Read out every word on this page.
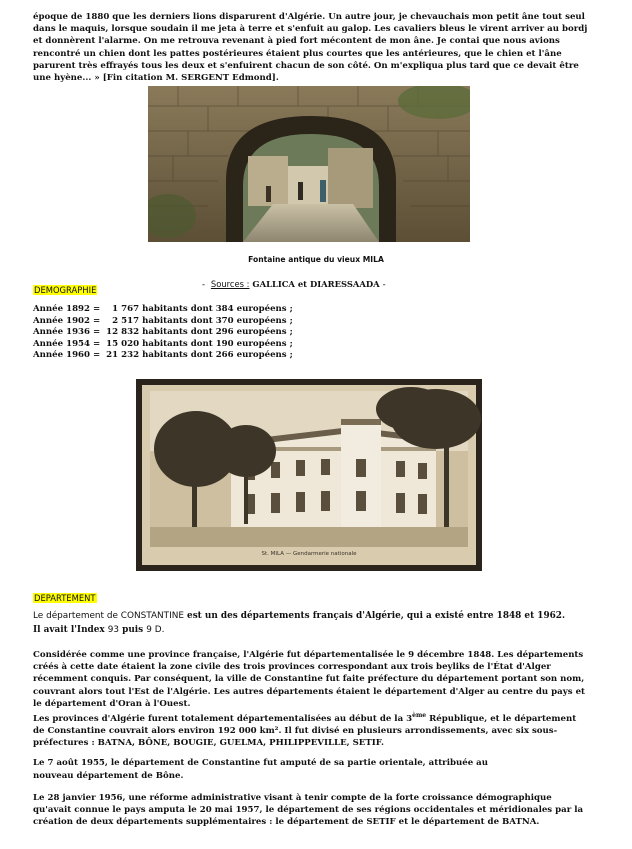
époque de 1880 que les derniers lions disparurent d'Algérie. Un autre jour, je chevauchais mon petit âne tout seul

dans le maquis, lorsque soudain il me jeta à terre et s'enfuit au galop. Les cavaliers bleus le virent arriver au bordj

et donnèrent l'alarme. On me retrouva revenant à pied fort mécontent de mon âne. Je contai que nous avions

rencontré un chien dont les pattes postérieures étaient plus courtes que les antérieures, que le chien et l'âne

parurent très effrayés tous les deux et s'enfuirent chacun de son côté. On m'expliqua plus tard que ce devait être

une hyène... » [Fin citation M. SERGENT Edmond].

Fontaine antique du vieux MILA
DEMOGRAPHIE
- Sources : GALLICA et DIARESSAADA -
Année 1892 =    1 767 habitants dont 384 européens ;
Année 1902 =    2 517 habitants dont 370 européens ;
Année 1936 =  12 832 habitants dont 296 européens ;
Année 1954 =  15 020 habitants dont 190 européens ;
Année 1960 =  21 232 habitants dont 266 européens ;
St. MILA — Gendarmerie nationale
DEPARTEMENT

Le département de CONSTANTINE est un des départements français d'Algérie, qui a existé entre 1848 et 1962.
Il avait l'Index 93 puis 9 D.

Considérée comme une province française, l'Algérie fut départementalisée le 9 décembre 1848. Les départements
créés à cette date étaient la zone civile des trois provinces correspondant aux trois beyliks de l'État d'Alger
récemment conquis. Par conséquent, la ville de Constantine fut faite préfecture du département portant son nom,
couvrant alors tout l'Est de l'Algérie. Les autres départements étaient le département d'Alger au centre du pays et
le département d'Oran à l'Ouest.

Les provinces d'Algérie furent totalement départementalisées au début de la 3ème République, et le département
de Constantine couvrait alors environ 192 000 km². Il fut divisé en plusieurs arrondissements, avec six sous-
préfectures : BATNA, BÔNE, BOUGIE, GUELMA, PHILIPPEVILLE, SETIF.

Le 7 août 1955, le département de Constantine fut amputé de sa partie orientale, attribuée au
nouveau département de Bône.

Le 28 janvier 1956, une réforme administrative visant à tenir compte de la forte croissance démographique
qu'avait connue le pays amputa le 20 mai 1957, le département de ses régions occidentales et méridionales par la
création de deux départements supplémentaires : le département de SETIF et le département de BATNA.
